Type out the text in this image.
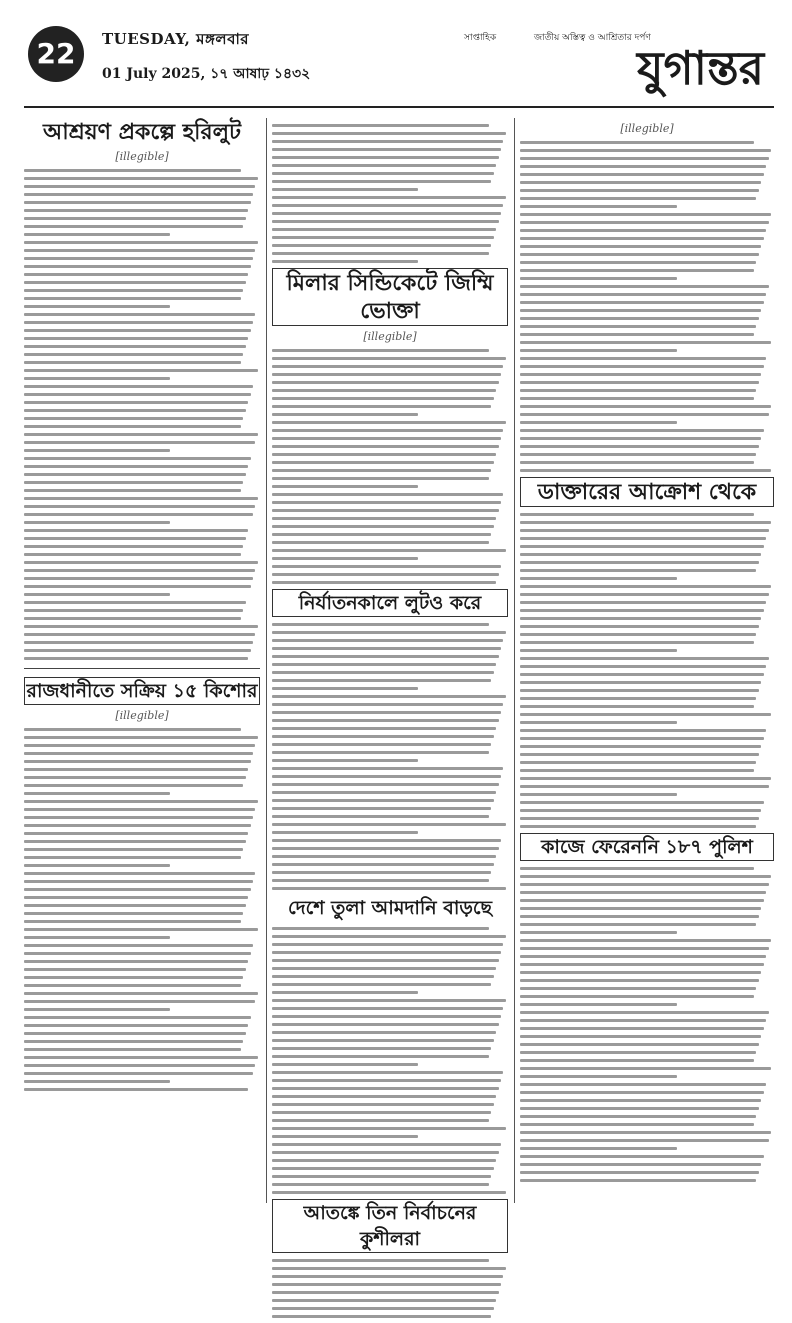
22	TUESDAY, মঙ্গলবার
01 July 2025, ১৭ আষাঢ় ১৪৩২
সাপ্তাহিক	জাতীয় অস্তিত্ব ও আশ্রিতার দর্পণ
যুগান্তর
আশ্রয়ণ প্রকল্পে হরিলুট
[illegible]
রাজধানীতে সক্রিয় ১৫ কিশোর
[illegible]
মিলার সিন্ডিকেটে জিম্মি ভোক্তা
[illegible]
নির্যাতনকালে লুটও করে
দেশে তুলা আমদানি বাড়ছে
আতঙ্কে তিন নির্বাচনের কুশীলরা
[illegible]
ডাক্তারের আক্রোশ থেকে
কাজে ফেরেননি ১৮৭ পুলিশ
